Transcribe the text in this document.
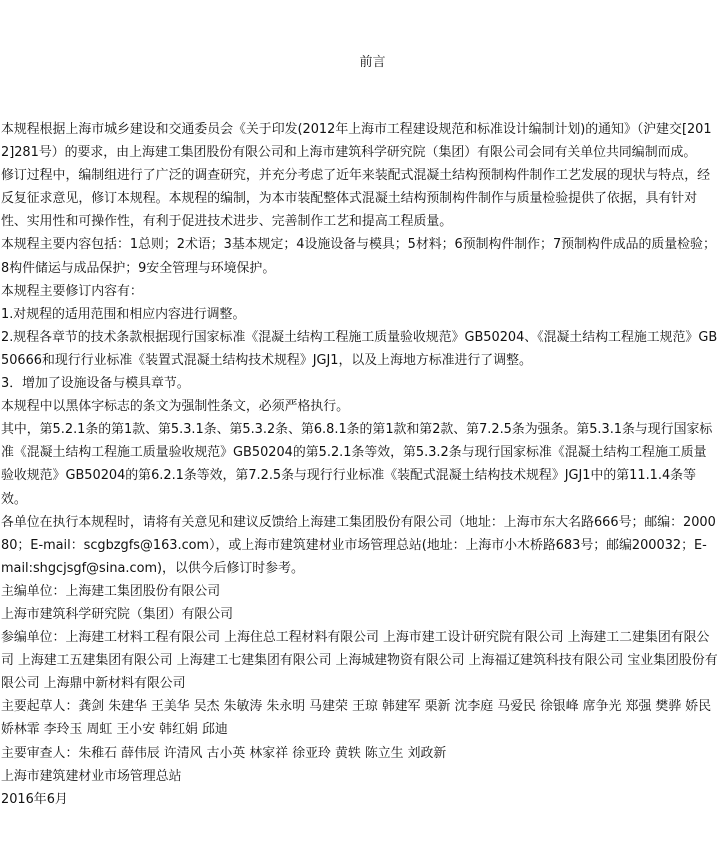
前言

本规程根据上海市城乡建设和交通委员会《关于印发(2012年上海市工程建设规范和标准设计编制计划)的通知》（沪建交[2012]281号）的要求，由上海建工集团股份有限公司和上海市建筑科学研究院（集团）有限公司会同有关单位共同编制而成。

修订过程中，编制组进行了广泛的调查研究，并充分考虑了近年来装配式混凝土结构预制构件制作工艺发展的现状与特点，经反复征求意见，修订本规程。本规程的编制，为本市装配整体式混凝土结构预制构件制作与质量检验提供了依据，具有针对性、实用性和可操作性，有利于促进技术进步、完善制作工艺和提高工程质量。

本规程主要内容包括：1总则；2术语；3基本规定；4设施设备与模具；5材料；6预制构件制作；7预制构件成品的质量检验；8构件储运与成品保护；9安全管理与环境保护。

本规程主要修订内容有：

1.对规程的适用范围和相应内容进行调整。

2.规程各章节的技术条款根据现行国家标准《混凝土结构工程施工质量验收规范》GB50204、《混凝土结构工程施工规范》GB50666和现行行业标准《装置式混凝土结构技术规程》JGJ1，以及上海地方标准进行了调整。

3．增加了设施设备与模具章节。

本规程中以黑体字标志的条文为强制性条文，必须严格执行。

其中，第5.2.1条的第1款、第5.3.1条、第5.3.2条、第6.8.1条的第1款和第2款、第7.2.5条为强条。第5.3.1条与现行国家标准《混凝土结构工程施工质量验收规范》GB50204的第5.2.1条等效，第5.3.2条与现行国家标准《混凝土结构工程施工质量验收规范》GB50204的第6.2.1条等效，第7.2.5条与现行行业标准《装配式混凝土结构技术规程》JGJ1中的第11.1.4条等效。

各单位在执行本规程时，请将有关意见和建议反馈给上海建工集团股份有限公司（地址：上海市东大名路666号；邮编：200080；E-mail：scgbzgfs@163.com），或上海市建筑建材业市场管理总站(地址：上海市小木桥路683号；邮编200032；E-mail:shgcjsgf@sina.com)，以供今后修订时参考。

主编单位：上海建工集团股份有限公司

上海市建筑科学研究院（集团）有限公司

参编单位：上海建工材料工程有限公司 上海住总工程材料有限公司 上海市建工设计研究院有限公司 上海建工二建集团有限公司 上海建工五建集团有限公司 上海建工七建集团有限公司 上海城建物资有限公司 上海福辽建筑科技有限公司 宝业集团股份有限公司 上海鼎中新材料有限公司

主要起草人：龚剑 朱建华 王美华 吴杰 朱敏涛 朱永明 马建荣 王琼 韩建军 栗新 沈李庭 马爱民 徐银峰 席争光 郑强 樊骅 娇民 娇林霏 李玲玉 周虹 王小安 韩红娟 邱迪

主要审查人：朱稚石 薛伟辰 许清风 古小英 林家祥 徐亚玲 黄轶 陈立生 刘政新

上海市建筑建材业市场管理总站

2016年6月
